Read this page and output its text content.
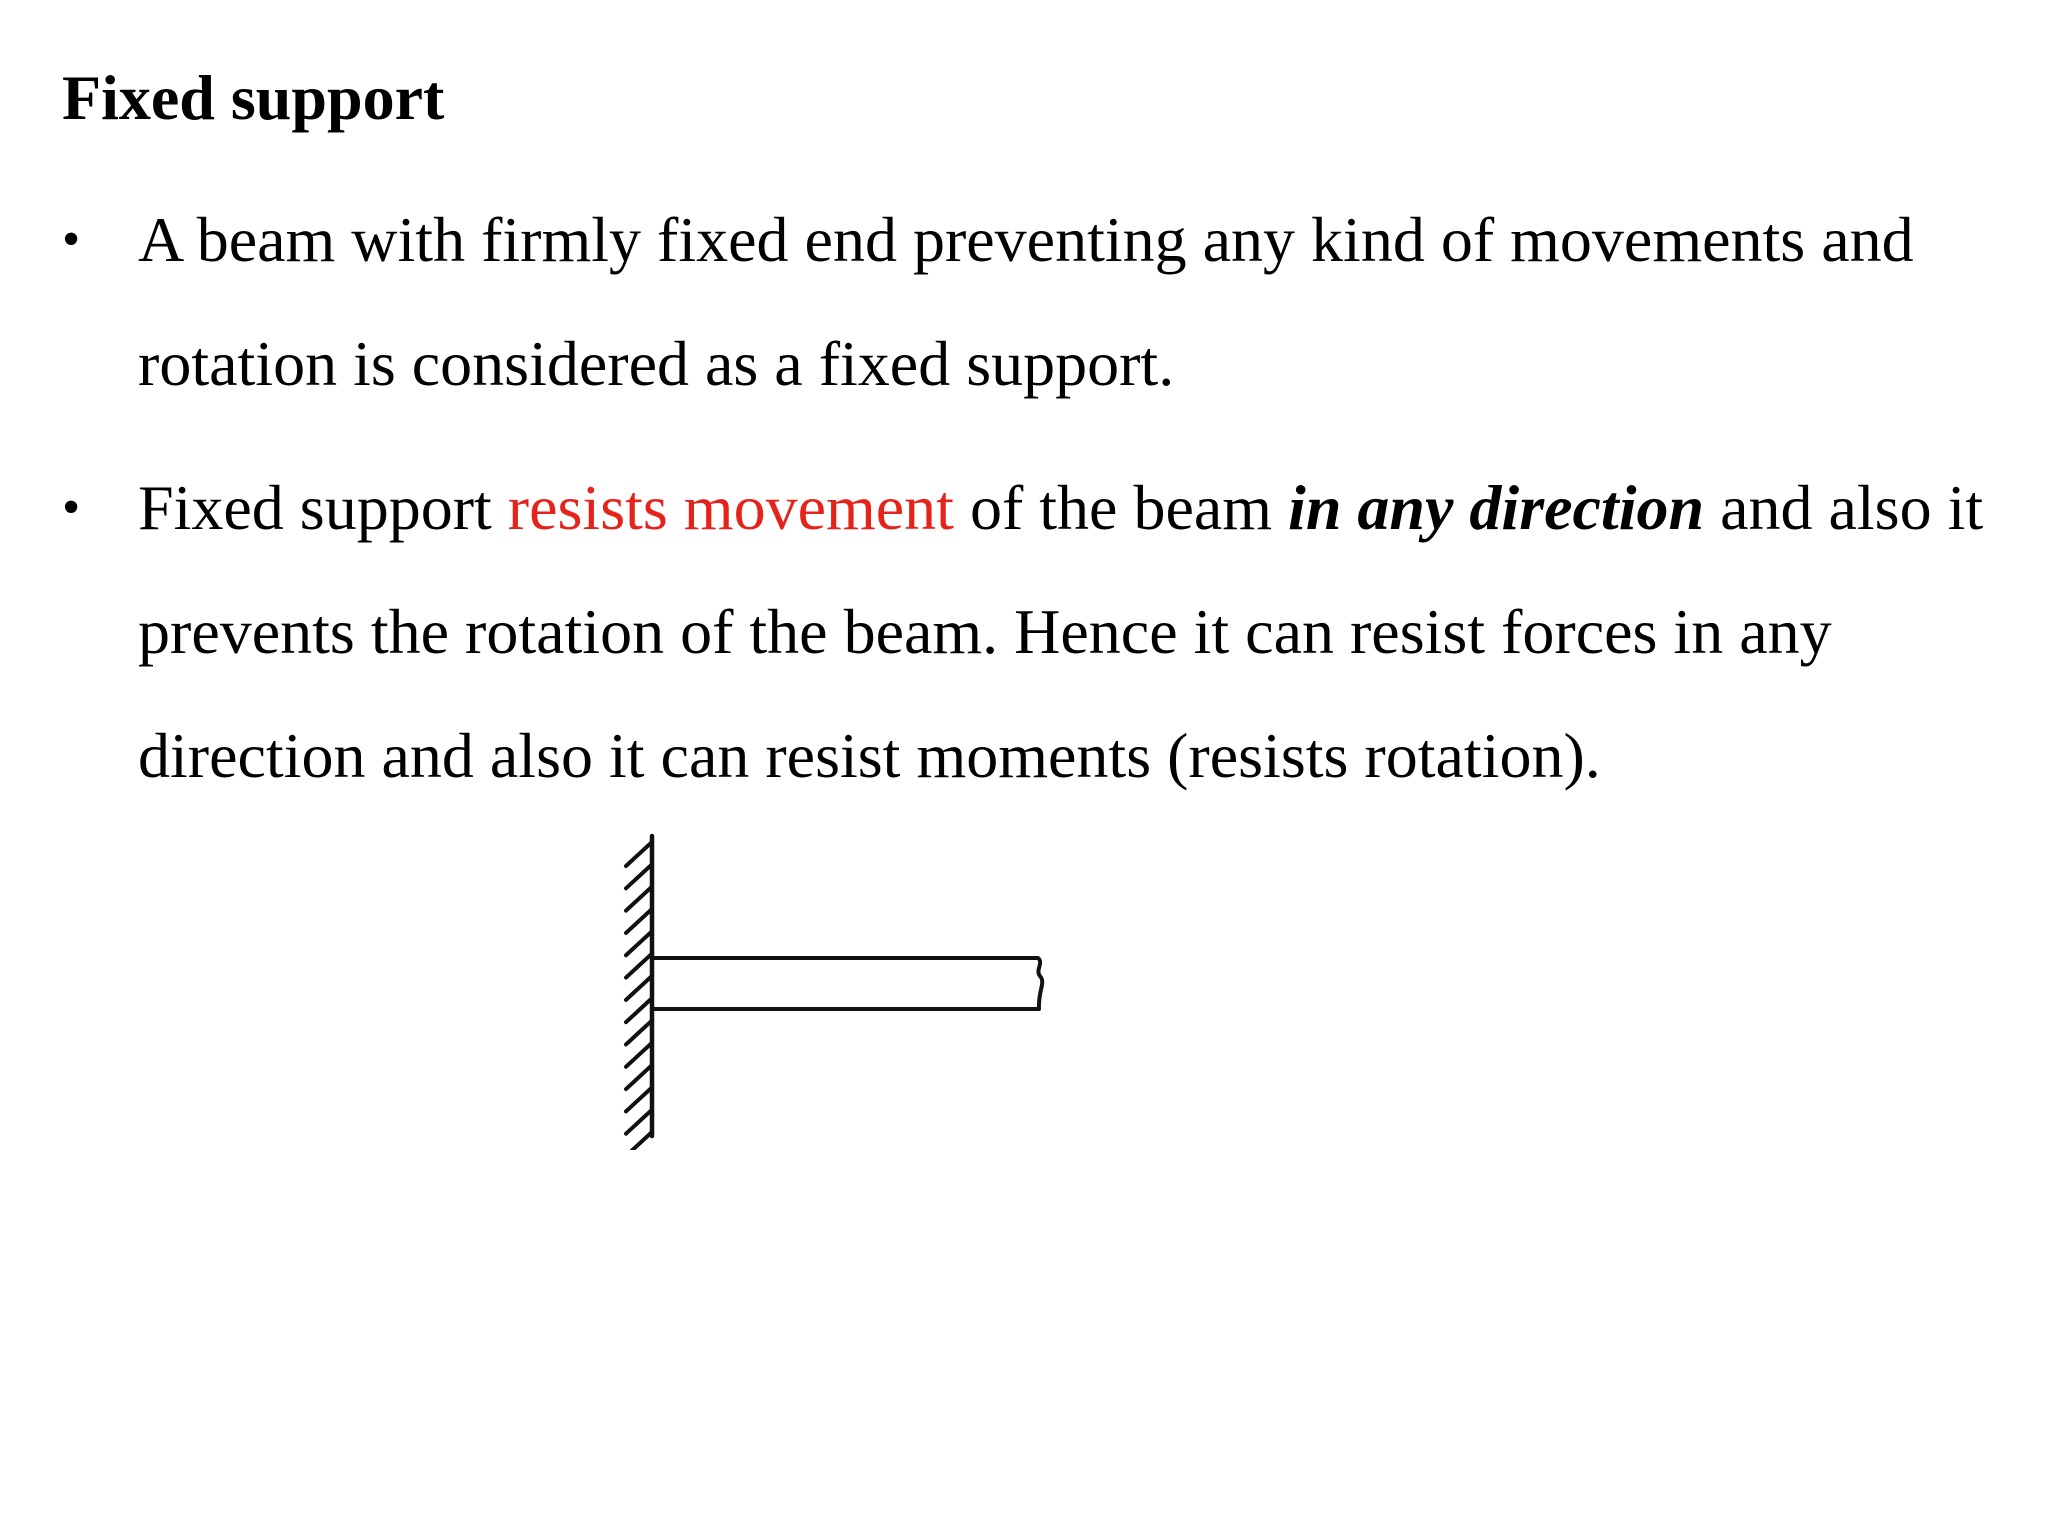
Fixed support
• A beam with firmly fixed end preventing any kind of movements and rotation is considered as a fixed support.
• Fixed support resists movement of the beam in any direction and also it prevents the rotation of the beam. Hence it can resist forces in any direction and also it can resist moments (resists rotation).
